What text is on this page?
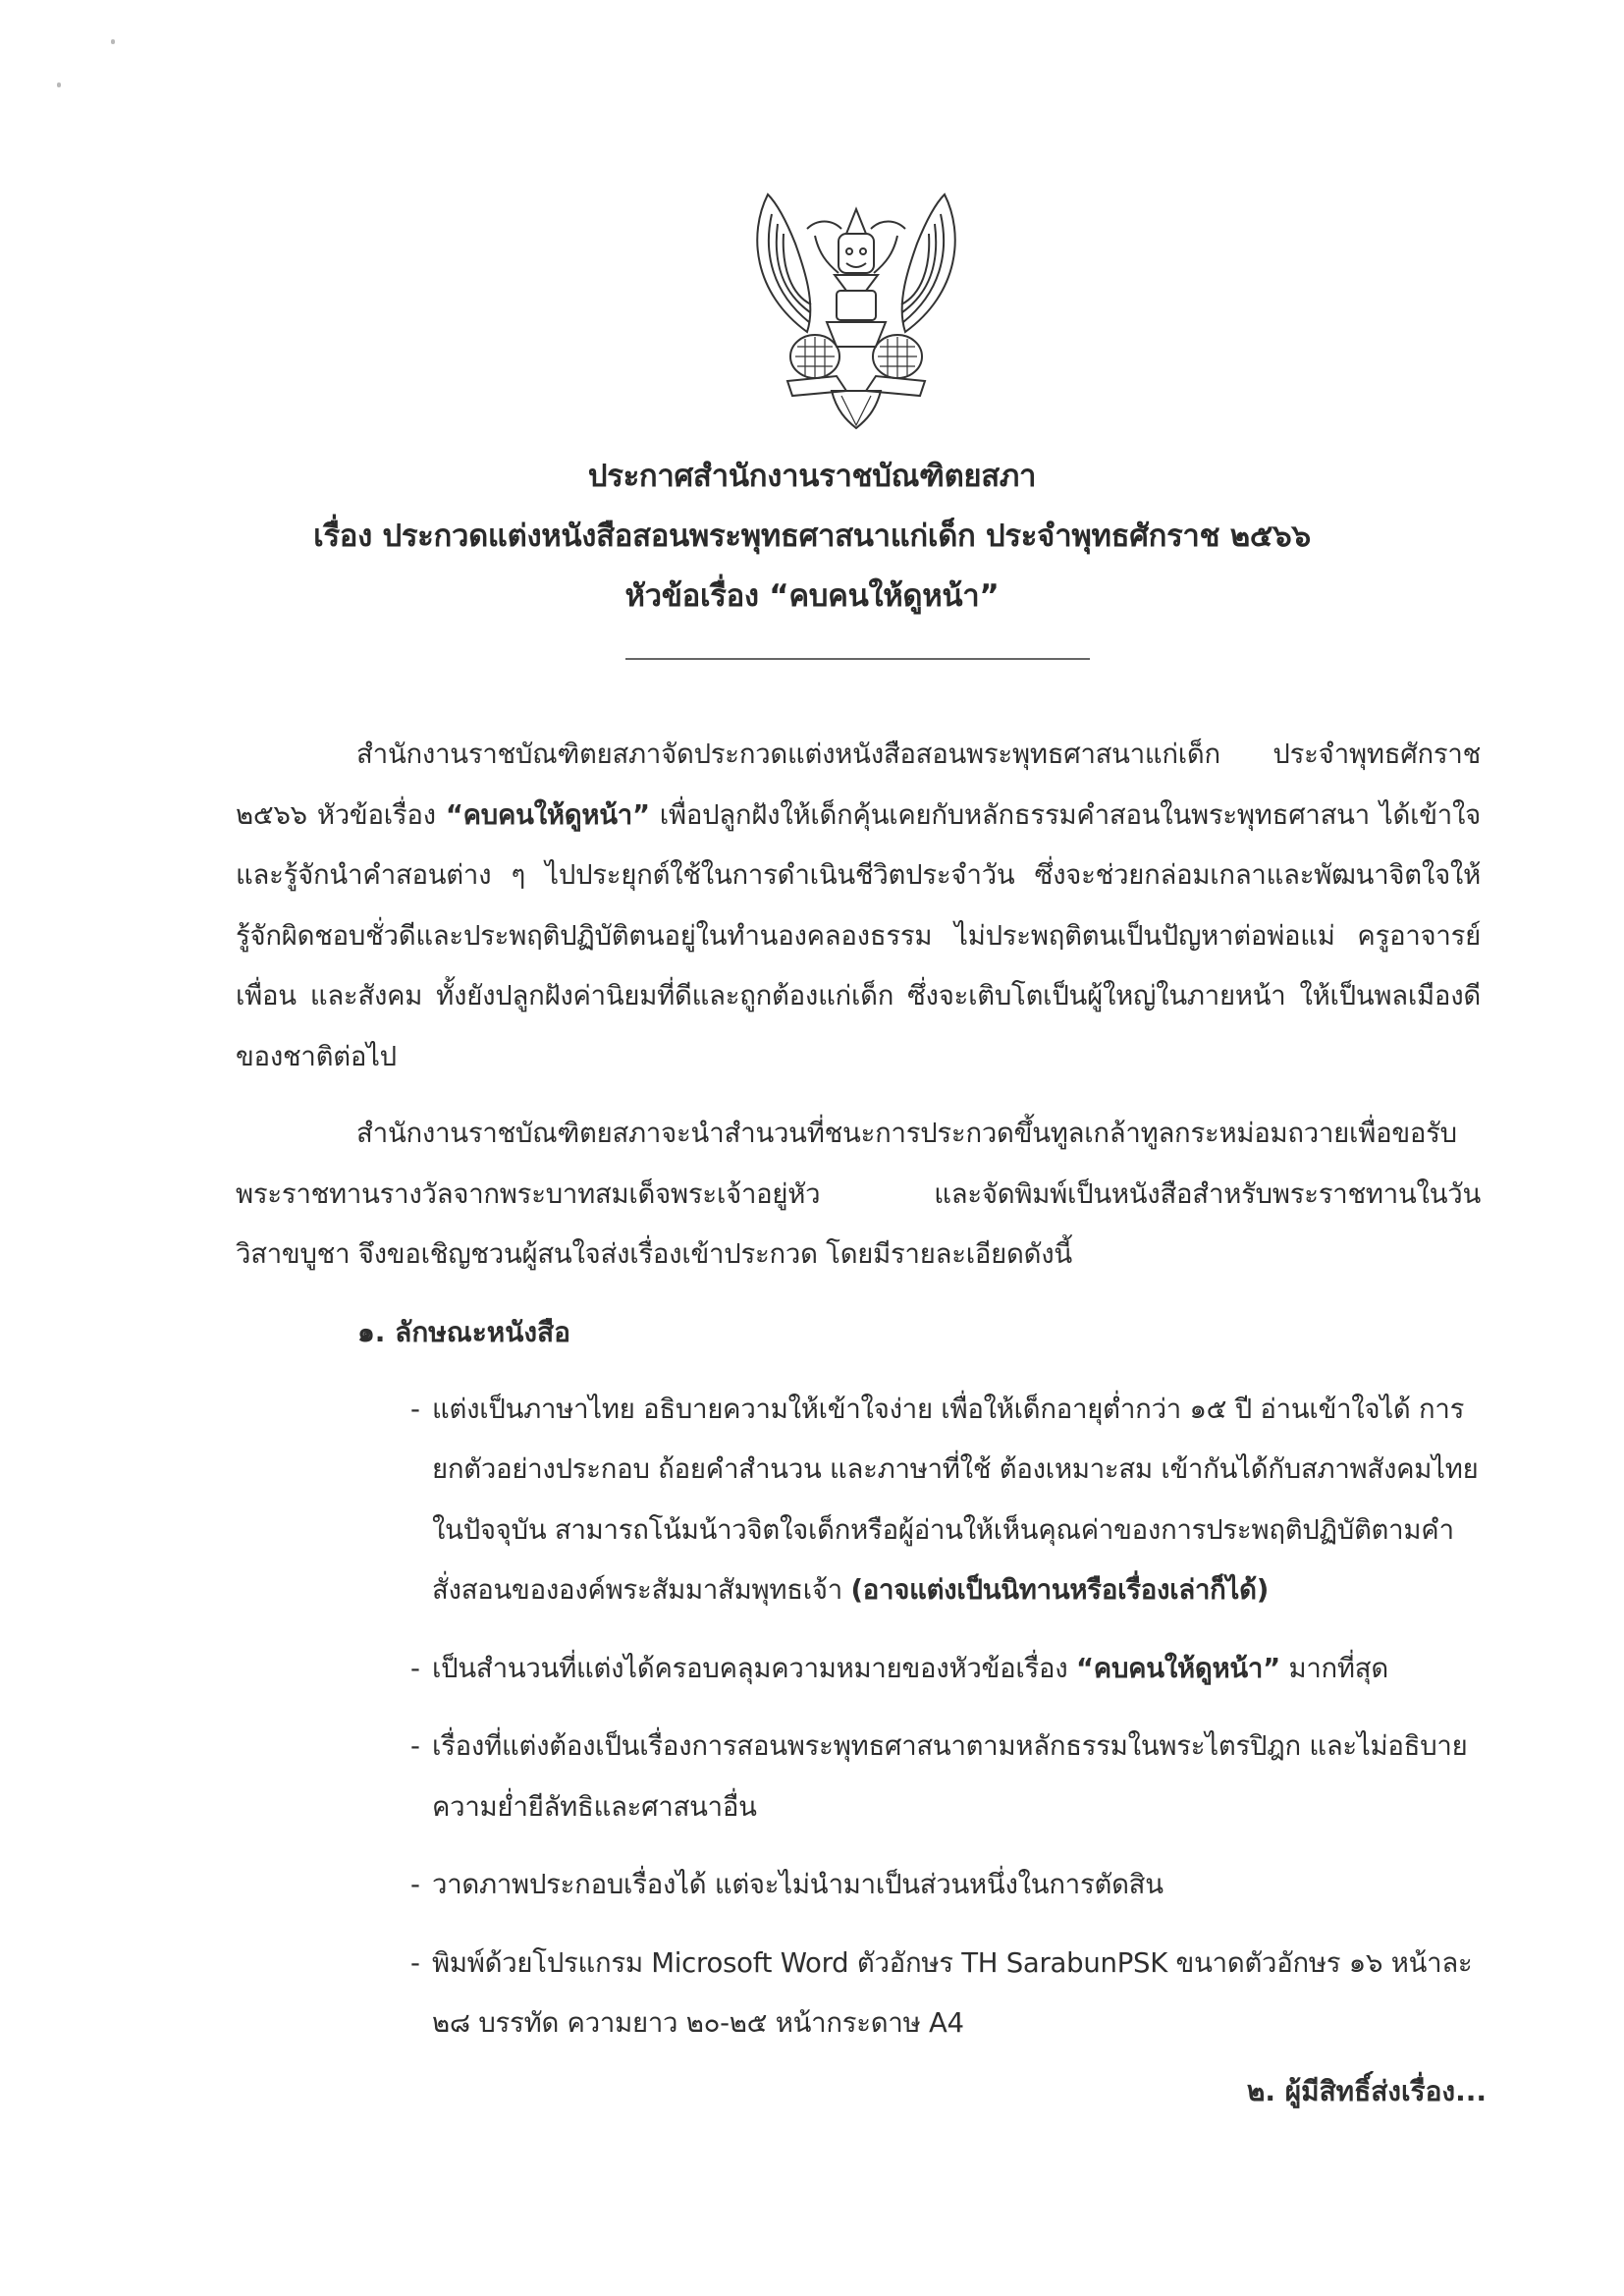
ประกาศสำนักงานราชบัณฑิตยสภา
เรื่อง ประกวดแต่งหนังสือสอนพระพุทธศาสนาแก่เด็ก ประจำพุทธศักราช ๒๕๖๖
หัวข้อเรื่อง “คบคนให้ดูหน้า”

สำนักงานราชบัณฑิตยสภาจัดประกวดแต่งหนังสือสอนพระพุทธศาสนาแก่เด็ก ประจำพุทธศักราช ๒๕๖๖ หัวข้อเรื่อง “คบคนให้ดูหน้า” เพื่อปลูกฝังให้เด็กคุ้นเคยกับหลักธรรมคำสอนในพระพุทธศาสนา ได้เข้าใจและรู้จักนำคำสอนต่าง ๆ ไปประยุกต์ใช้ในการดำเนินชีวิตประจำวัน ซึ่งจะช่วยกล่อมเกลาและพัฒนาจิตใจให้รู้จักผิดชอบชั่วดีและประพฤติปฏิบัติตนอยู่ในทำนองคลองธรรม ไม่ประพฤติตนเป็นปัญหาต่อพ่อแม่ ครูอาจารย์ เพื่อน และสังคม ทั้งยังปลูกฝังค่านิยมที่ดีและถูกต้องแก่เด็ก ซึ่งจะเติบโตเป็นผู้ใหญ่ในภายหน้า ให้เป็นพลเมืองดีของชาติต่อไป

สำนักงานราชบัณฑิตยสภาจะนำสำนวนที่ชนะการประกวดขึ้นทูลเกล้าทูลกระหม่อมถวายเพื่อขอรับพระราชทานรางวัลจากพระบาทสมเด็จพระเจ้าอยู่หัว และจัดพิมพ์เป็นหนังสือสำหรับพระราชทานในวันวิสาขบูชา จึงขอเชิญชวนผู้สนใจส่งเรื่องเข้าประกวด โดยมีรายละเอียดดังนี้

๑. ลักษณะหนังสือ
- แต่งเป็นภาษาไทย อธิบายความให้เข้าใจง่าย เพื่อให้เด็กอายุต่ำกว่า ๑๕ ปี อ่านเข้าใจได้ การยกตัวอย่างประกอบ ถ้อยคำสำนวน และภาษาที่ใช้ ต้องเหมาะสม เข้ากันได้กับสภาพสังคมไทยในปัจจุบัน สามารถโน้มน้าวจิตใจเด็กหรือผู้อ่านให้เห็นคุณค่าของการประพฤติปฏิบัติตามคำสั่งสอนขององค์พระสัมมาสัมพุทธเจ้า (อาจแต่งเป็นนิทานหรือเรื่องเล่าก็ได้)
- เป็นสำนวนที่แต่งได้ครอบคลุมความหมายของหัวข้อเรื่อง “คบคนให้ดูหน้า” มากที่สุด
- เรื่องที่แต่งต้องเป็นเรื่องการสอนพระพุทธศาสนาตามหลักธรรมในพระไตรปิฎก และไม่อธิบายความย่ำยีลัทธิและศาสนาอื่น
- วาดภาพประกอบเรื่องได้ แต่จะไม่นำมาเป็นส่วนหนึ่งในการตัดสิน
- พิมพ์ด้วยโปรแกรม Microsoft Word ตัวอักษร TH SarabunPSK ขนาดตัวอักษร ๑๖ หน้าละ ๒๘ บรรทัด ความยาว ๒๐-๒๕ หน้ากระดาษ A4
๒. ผู้มีสิทธิ์ส่งเรื่อง...
